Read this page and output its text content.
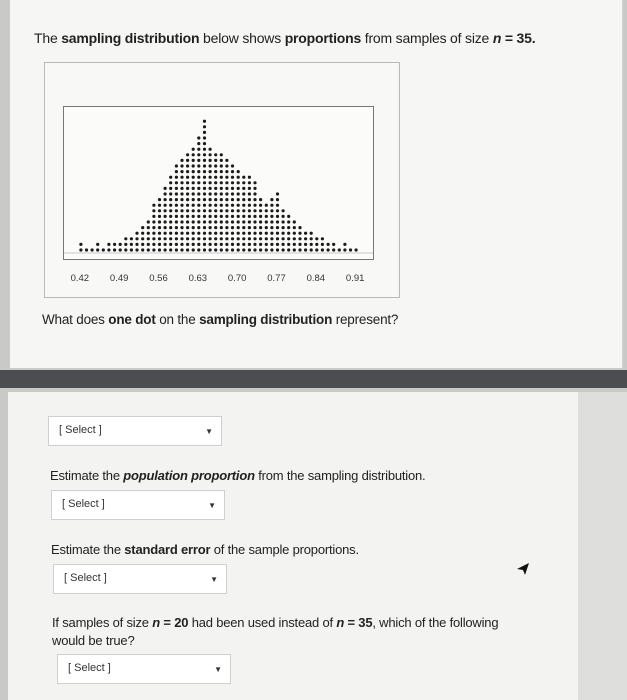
The sampling distribution below shows proportions from samples of size n = 35.
0.42 0.49 0.56 0.63 0.70 0.77 0.84 0.91
What does one dot on the sampling distribution represent?
[ Select ]	▼
Estimate the population proportion from the sampling distribution.
[ Select ]	▼
Estimate the standard error of the sample proportions.
[ Select ]	▼
If samples of size n = 20 had been used instead of n = 35, which of the following
would be true?
[ Select ]	▼
